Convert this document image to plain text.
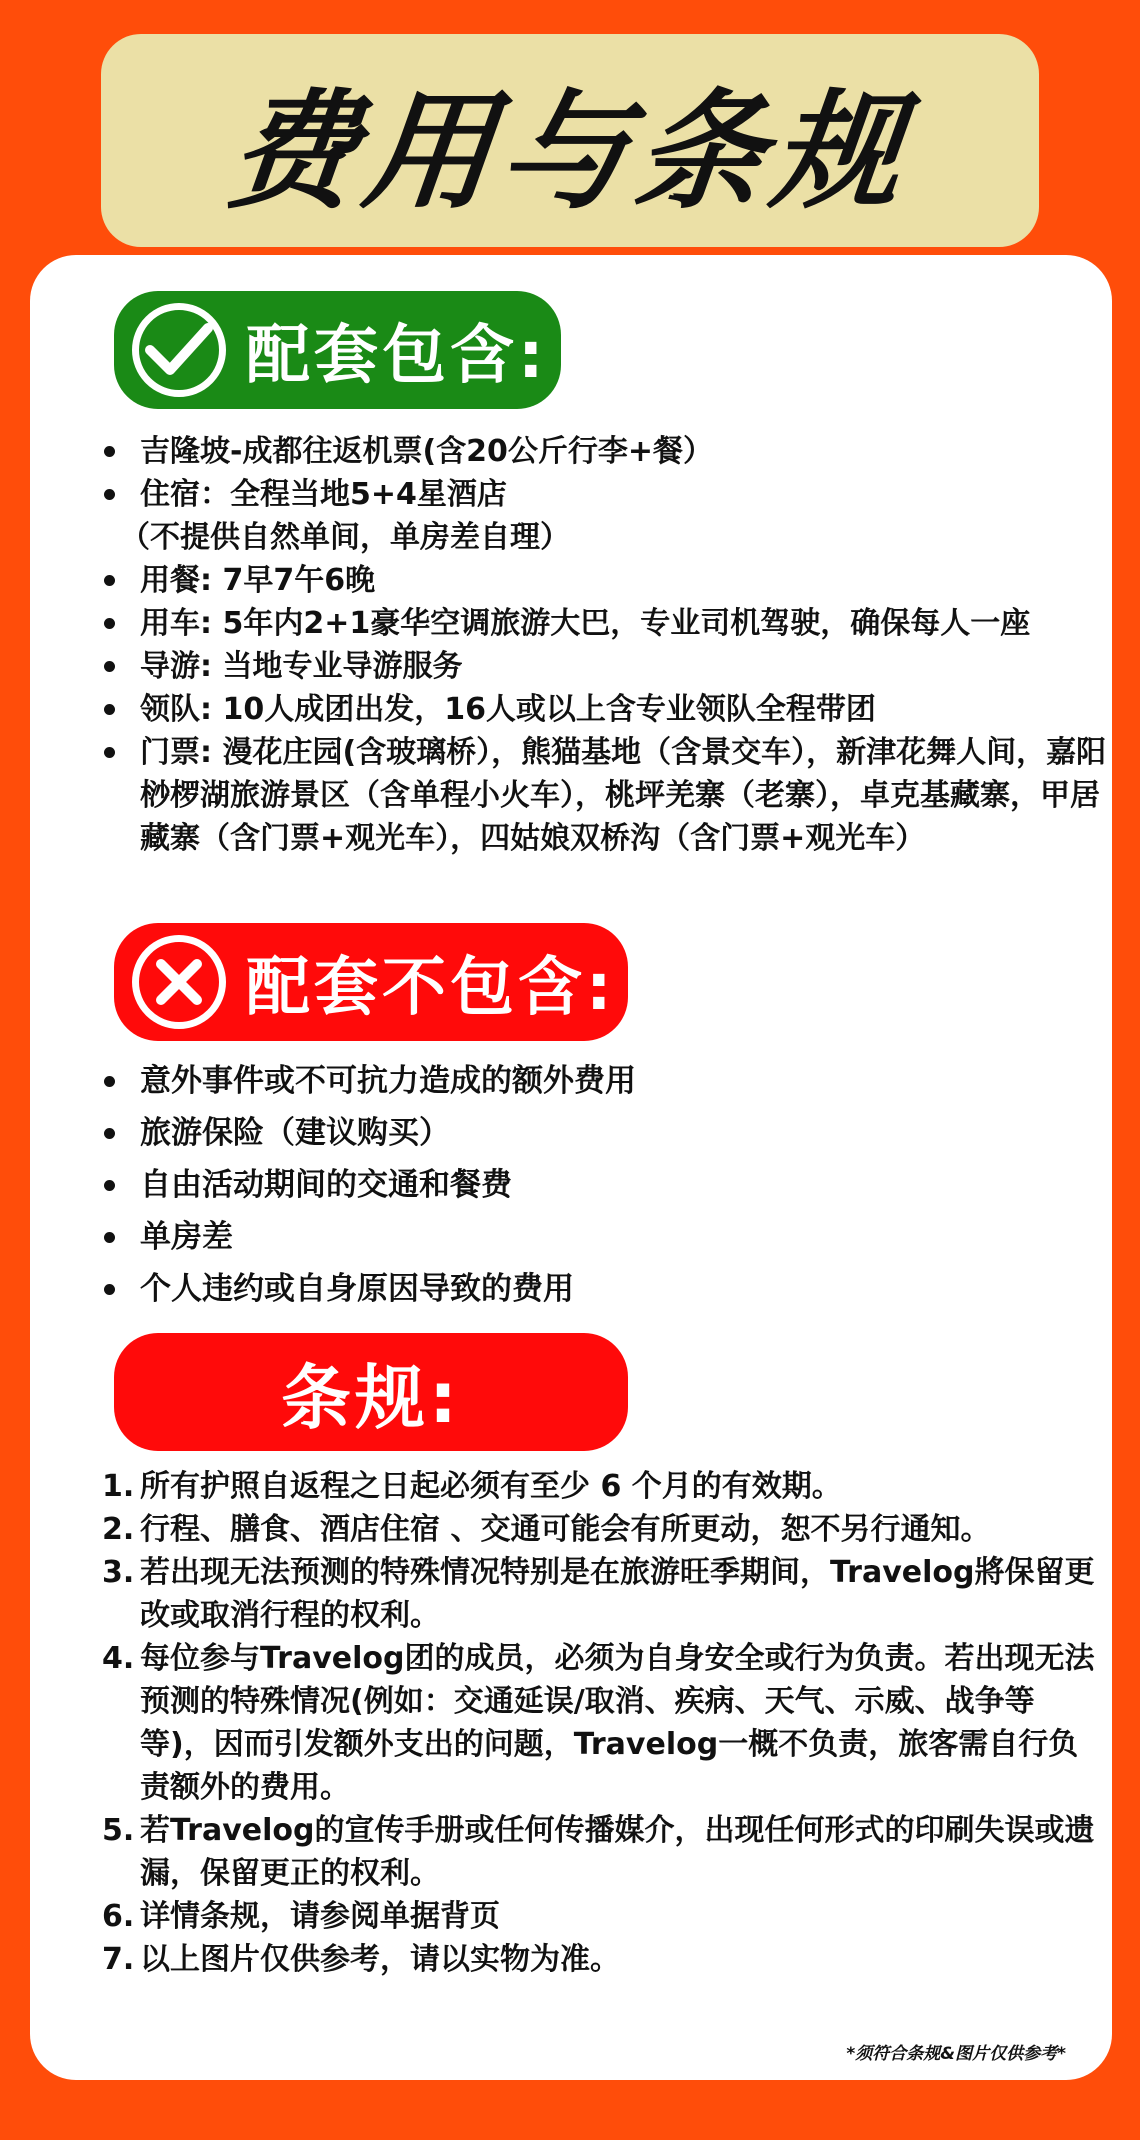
费用与条规
配套包含:
吉隆坡-成都往返机票(含20公斤行李+餐）
住宿：全程当地5+4星酒店
（不提供自然单间，单房差自理）
用餐: 7早7午6晚
用车: 5年内2+1豪华空调旅游大巴，专业司机驾驶，确保每人一座
导游: 当地专业导游服务
领队: 10人成团出发，16人或以上含专业领队全程带团
门票: 漫花庄园(含玻璃桥），熊猫基地（含景交车），新津花舞人间，嘉阳桫椤湖旅游景区（含单程小火车），桃坪羌寨（老寨），卓克基藏寨，甲居藏寨（含门票+观光车），四姑娘双桥沟（含门票+观光车）
配套不包含:
意外事件或不可抗力造成的额外费用
旅游保险（建议购买）
自由活动期间的交通和餐费
单房差
个人违约或自身原因导致的费用
条规:
1. 所有护照自返程之日起必须有至少 6 个月的有效期。
2. 行程、膳食、酒店住宿 、交通可能会有所更动，恕不另行通知。
3. 若出现无法预测的特殊情况特别是在旅游旺季期间，Travelog將保留更改或取消行程的权利。
4. 每位参与Travelog团的成员，必须为自身安全或行为负责。若出现无法预测的特殊情况(例如：交通延误/取消、疾病、天气、示威、战争等等)，因而引发额外支出的问题，Travelog一概不负责，旅客需自行负责额外的费用。
5. 若Travelog的宣传手册或任何传播媒介，出现任何形式的印刷失误或遗漏，保留更正的权利。
6. 详情条规，请参阅单据背页
7. 以上图片仅供参考，请以实物为准。
*须符合条规&图片仅供参考*
